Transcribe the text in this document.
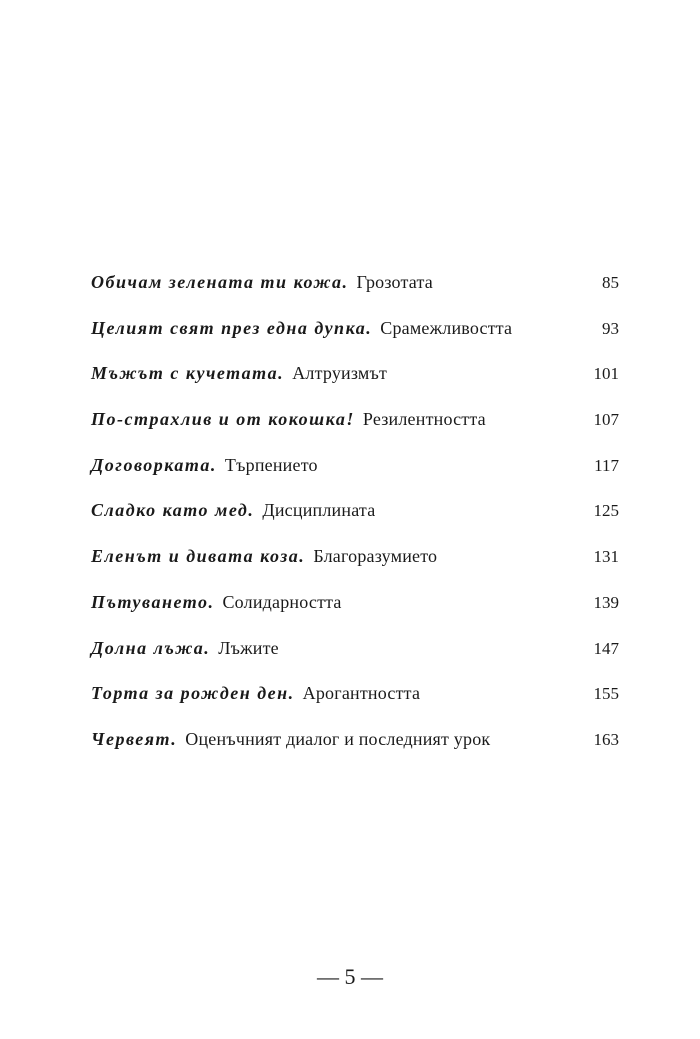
Обичам зелената ти кожа. Грозотата	85
Целият свят през една дупка. Срамежливостта	93
Мъжът с кучетата. Алтруизмът	101
По-страхлив и от кокошка! Резилентността	107
Договорката. Търпението	117
Сладко като мед. Дисциплината	125
Еленът и дивата коза. Благоразумието	131
Пътуването. Солидарността	139
Долна лъжа. Лъжите	147
Торта за рожден ден. Арогантността	155
Червеят. Оценъчният диалог и последният урок	163
— 5 —
